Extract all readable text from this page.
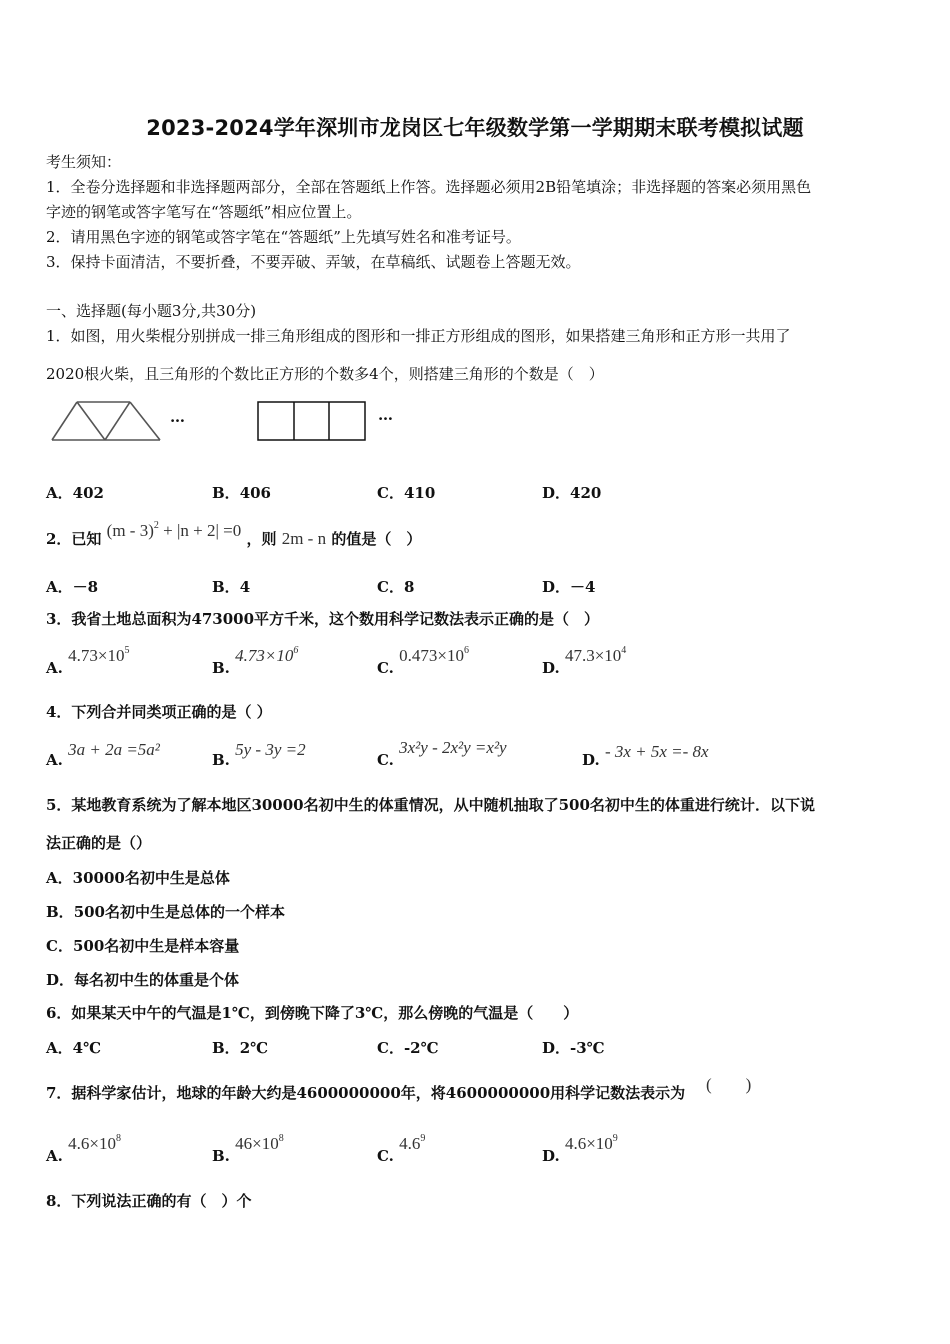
2023-2024学年深圳市龙岗区七年级数学第一学期期末联考模拟试题
考生须知：
1．全卷分选择题和非选择题两部分，全部在答题纸上作答。选择题必须用2B铅笔填涂；非选择题的答案必须用黑色
字迹的钢笔或答字笔写在“答题纸”相应位置上。
2．请用黑色字迹的钢笔或答字笔在“答题纸”上先填写姓名和准考证号。
3．保持卡面清洁，不要折叠，不要弄破、弄皱，在草稿纸、试题卷上答题无效。
一、选择题(每小题3分,共30分)
1．如图，用火柴棍分别拼成一排三角形组成的图形和一排正方形组成的图形，如果搭建三角形和正方形一共用了
2020根火柴，且三角形的个数比正方形的个数多4个，则搭建三角形的个数是（　）
…	…
A．402	B．406	C．410	D．420
2．已知 (m - 3)$^2$ + |n + 2| =0 ，则 2m - n 的值是（　）
A．－8	B．4	C．8	D．－4
3．我省土地总面积为473000平方千米，这个数用科学记数法表示正确的是（　）
A. $4.73\times 10^5$
B. $4.73\times 10^6$
C. $0.473\times 10^6$
D. $47.3\times 10^4$
4．下列合并同类项正确的是（ ）
A. 3a + 2a =5a²
B. 5y - 3y =2
C. 3x²y - 2x²y =x²y
D. - 3x + 5x =- 8x
5．某地教育系统为了解本地区30000名初中生的体重情况，从中随机抽取了500名初中生的体重进行统计．以下说
法正确的是（）
A．30000名初中生是总体
B．500名初中生是总体的一个样本
C．500名初中生是样本容量
D．每名初中生的体重是个体
6．如果某天中午的气温是1℃，到傍晚下降了3℃，那么傍晚的气温是（　　）
A．4℃	B．2℃	C．-2℃	D．-3℃
7．据科学家估计，地球的年龄大约是4600000000年，将4600000000用科学记数法表示为 (　　)
A. $4.6\times 10^8$
B. $46\times 10^8$
C. $4.6^9$
D. $4.6\times 10^9$
8．下列说法正确的有（　）个
